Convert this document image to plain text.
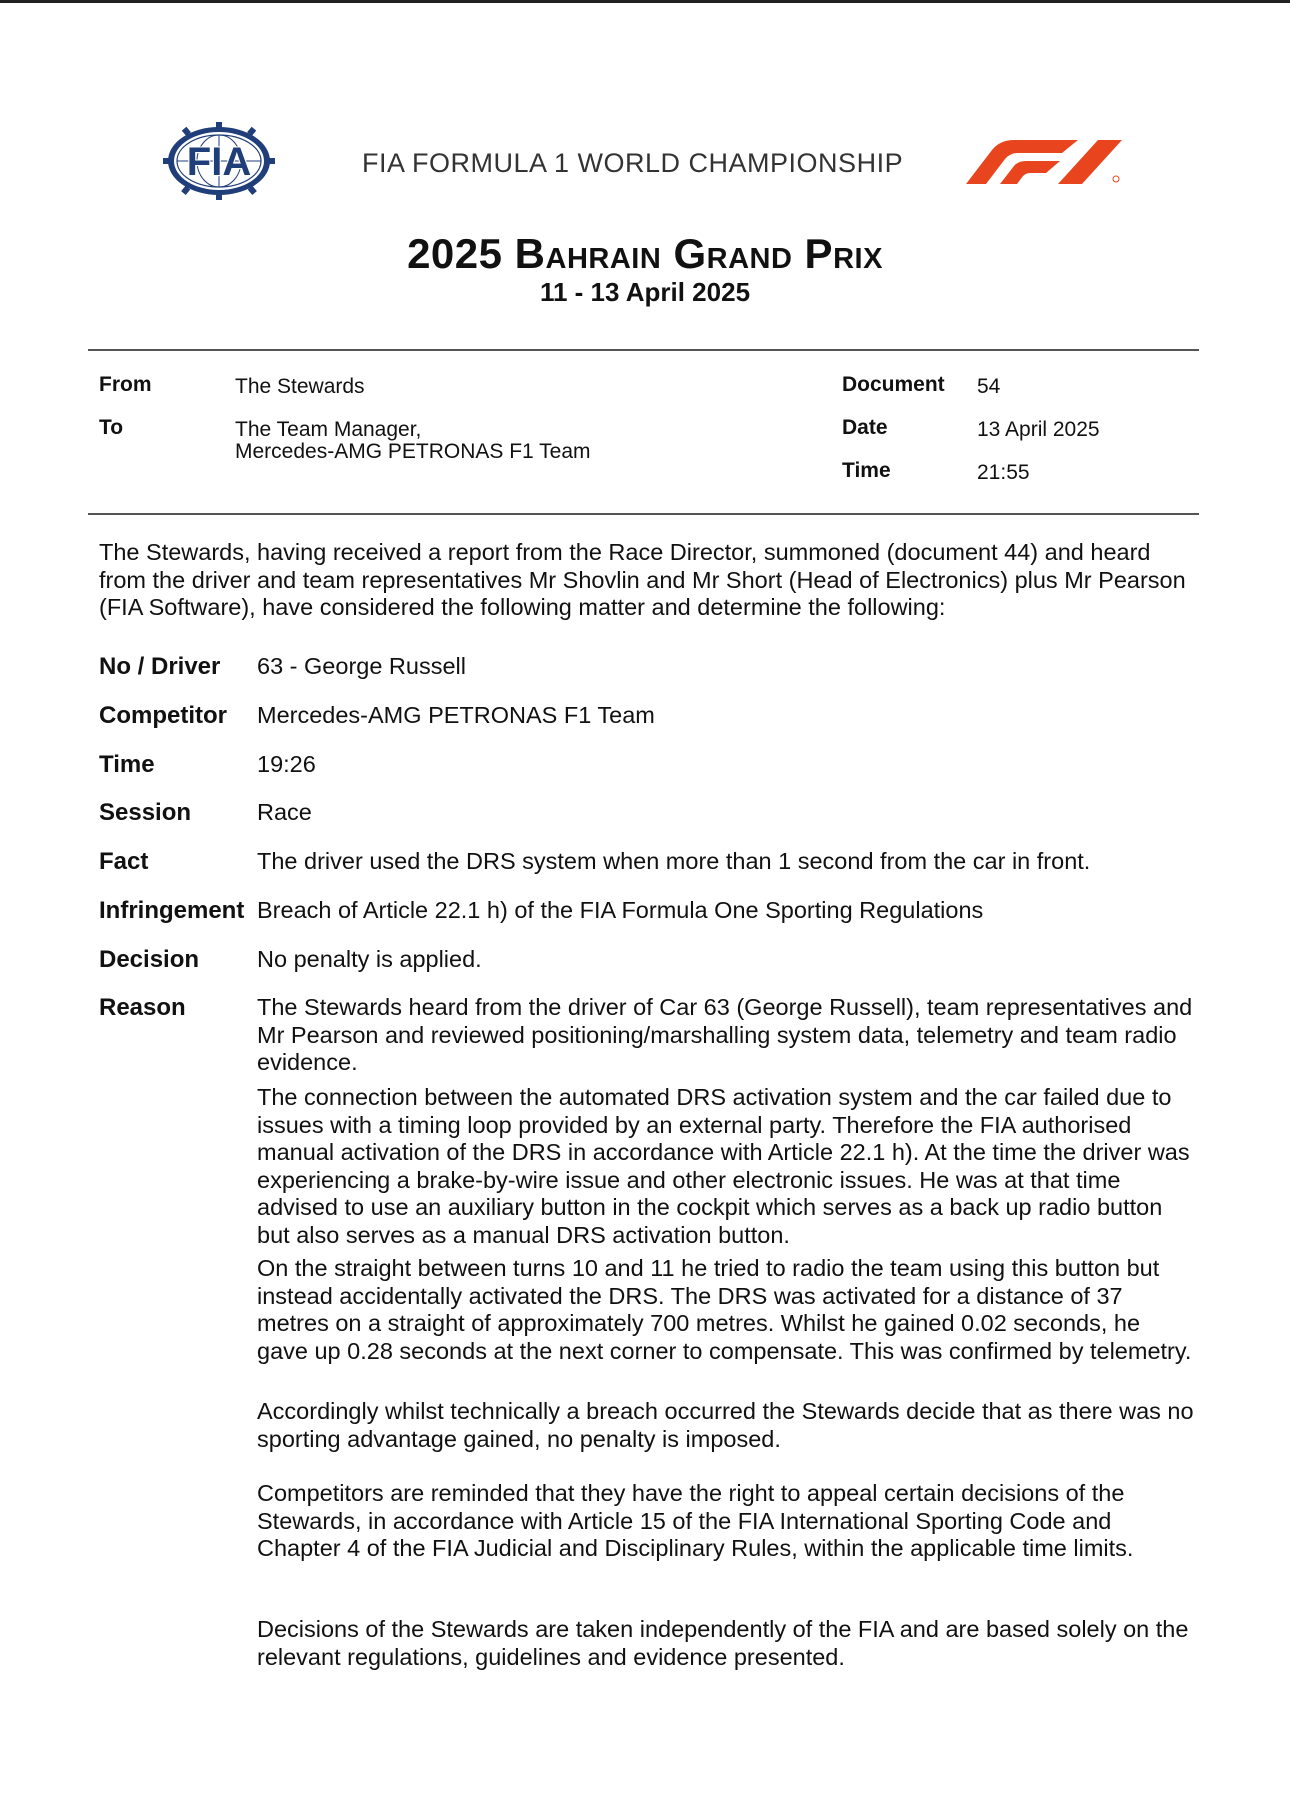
FIA	FIA FORMULA 1 WORLD CHAMPIONSHIP
2025 Bahrain Grand Prix
11 - 13 April 2025
From	The Stewards
To	The Team Manager,
Mercedes-AMG PETRONAS F1 Team
Document 54
Date	13 April 2025
Time	21:55
The Stewards, having received a report from the Race Director, summoned (document 44) and heard from the driver and team representatives Mr Shovlin and Mr Short (Head of Electronics) plus Mr Pearson (FIA Software), have considered the following matter and determine the following:
No / Driver 63 - George Russell
Competitor Mercedes-AMG PETRONAS F1 Team
Time	19:26
Session	Race
Fact	The driver used the DRS system when more than 1 second from the car in front.
Infringement Breach of Article 22.1 h) of the FIA Formula One Sporting Regulations
Decision No penalty is applied.
Reason	The Stewards heard from the driver of Car 63 (George Russell), team representatives and Mr Pearson and reviewed positioning/marshalling system data, telemetry and team radio evidence.
The connection between the automated DRS activation system and the car failed due to issues with a timing loop provided by an external party. Therefore the FIA authorised manual activation of the DRS in accordance with Article 22.1 h). At the time the driver was experiencing a brake-by-wire issue and other electronic issues. He was at that time advised to use an auxiliary button in the cockpit which serves as a back up radio button but also serves as a manual DRS activation button.
On the straight between turns 10 and 11 he tried to radio the team using this button but instead accidentally activated the DRS. The DRS was activated for a distance of 37 metres on a straight of approximately 700 metres. Whilst he gained 0.02 seconds, he gave up 0.28 seconds at the next corner to compensate. This was confirmed by telemetry.
Accordingly whilst technically a breach occurred the Stewards decide that as there was no sporting advantage gained, no penalty is imposed.
Competitors are reminded that they have the right to appeal certain decisions of the Stewards, in accordance with Article 15 of the FIA International Sporting Code and Chapter 4 of the FIA Judicial and Disciplinary Rules, within the applicable time limits.
Decisions of the Stewards are taken independently of the FIA and are based solely on the relevant regulations, guidelines and evidence presented.
